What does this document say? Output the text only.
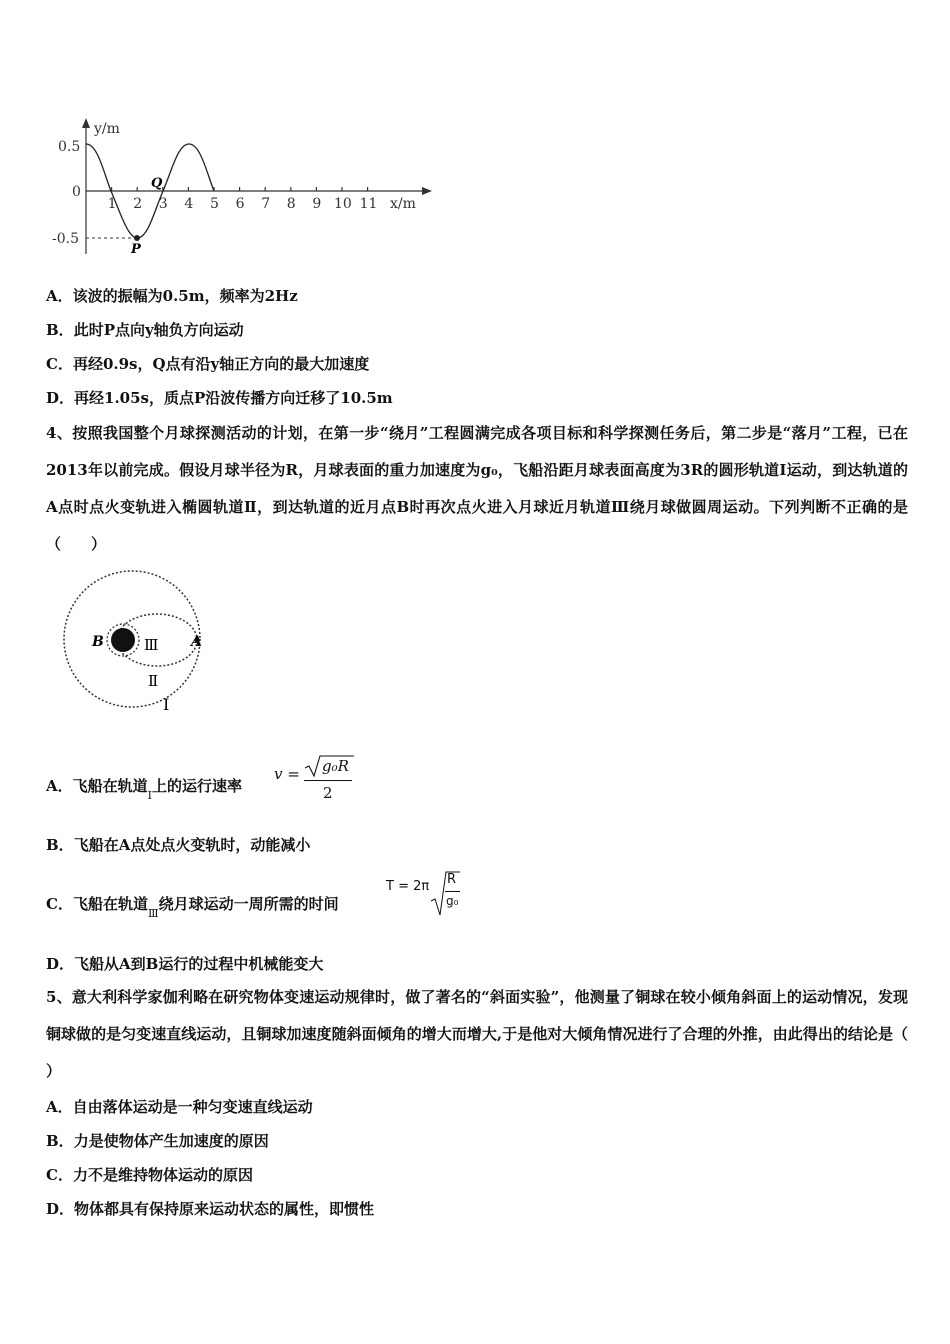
y/m
x/m
0.5
0
-0.5
1 2 3 4 5 6 7 8 9 10 11
P
Q
A．该波的振幅为0.5m，频率为2Hz
B．此时P点向y轴负方向运动
C．再经0.9s，Q点有沿y轴正方向的最大加速度
D．再经1.05s，质点P沿波传播方向迁移了10.5m
4、按照我国整个月球探测活动的计划，在第一步“绕月”工程圆满完成各项目标和科学探测任务后，第二步是“落月”工程，已在2013年以前完成。假设月球半径为R，月球表面的重力加速度为g₀，飞船沿距月球表面高度为3R的圆形轨道Ⅰ运动，到达轨道的A点时点火变轨进入椭圆轨道Ⅱ，到达轨道的近月点B时再次点火进入月球近月轨道Ⅲ绕月球做圆周运动。下列判断不正确的是（　　）
B	A
Ⅲ
Ⅱ
Ⅰ
A．飞船在轨道$_Ⅰ$上的运行速率
v = g₀R
2
B．飞船在A点处点火变轨时，动能减小
C．飞船在轨道$_Ⅲ$绕月球运动一周所需的时间
T = 2π R
g₀
D．飞船从A到B运行的过程中机械能变大
5、意大利科学家伽利略在研究物体变速运动规律时，做了著名的“斜面实验”，他测量了铜球在较小倾角斜面上的运动情况，发现铜球做的是匀变速直线运动，且铜球加速度随斜面倾角的增大而增大,于是他对大倾角情况进行了合理的外推，由此得出的结论是（ ）
A．自由落体运动是一种匀变速直线运动
B．力是使物体产生加速度的原因
C．力不是维持物体运动的原因
D．物体都具有保持原来运动状态的属性，即惯性
